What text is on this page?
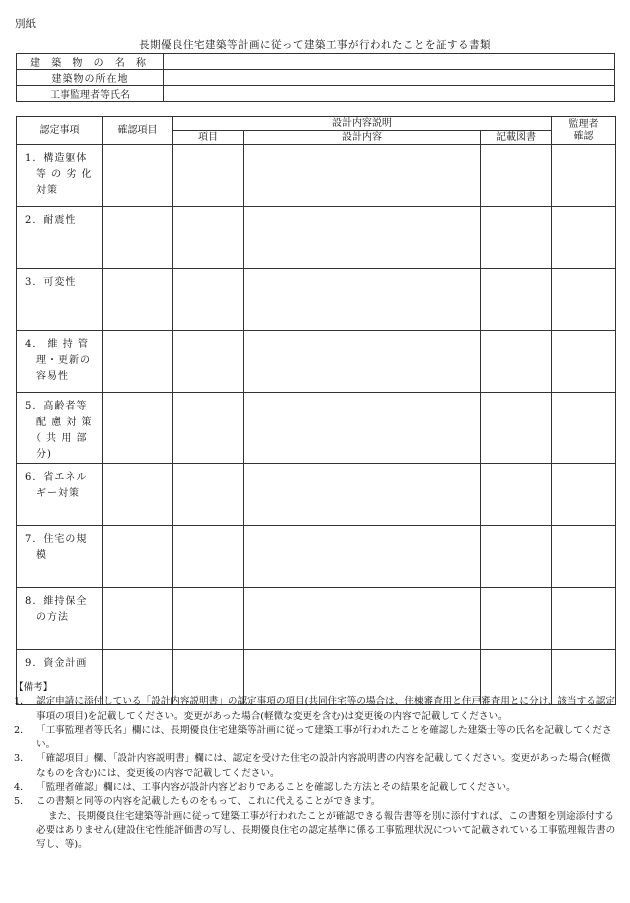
別紙
長期優良住宅建築等計画に従って建築工事が行われたことを証する書類
建 築 物 の 名 称	
建築物の所在地	
工事監理者等氏名	
認定事項	確認項目	設計内容説明			監理者
確認

		項目	設計内容	記載図書	

1．構造躯体
　等 の 劣 化
　対策					

2．耐震性					

3．可変性					

4． 維 持 管
　理・更新の
　容易性					

5．高齢者等
　配 慮 対 策
　（ 共 用 部
　分)					

6．省エネル
　ギー対策					

7．住宅の規
　模					

8．維持保全
　の方法					

9．資金計画					

【備考】
1． 認定申請に添付している「設計内容説明書」の認定事項の項目(共同住宅等の場合は、住棟審査用と住戸審査用とに分け、該当する認定事項の項目)を記載してください。変更があった場合(軽微な変更を含む)は変更後の内容で記載してください。
2． 「工事監理者等氏名」欄には、長期優良住宅建築等計画に従って建築工事が行われたことを確認した建築士等の氏名を記載してください。
3． 「確認項目」欄、「設計内容説明書」欄には、認定を受けた住宅の設計内容説明書の内容を記載してください。変更があった場合(軽微なものを含む)には、変更後の内容で記載してください。
4． 「監理者確認」欄には、工事内容が設計内容どおりであることを確認した方法とその結果を記載してください。
5． この書類と同等の内容を記載したものをもって、これに代えることができます。
また、長期優良住宅建築等計画に従って建築工事が行われたことが確認できる報告書等を別に添付すれば、この書類を別途添付する必要はありません(建設住宅性能評価書の写し、長期優良住宅の認定基準に係る工事監理状況について記載されている工事監理報告書の写し、等)。
